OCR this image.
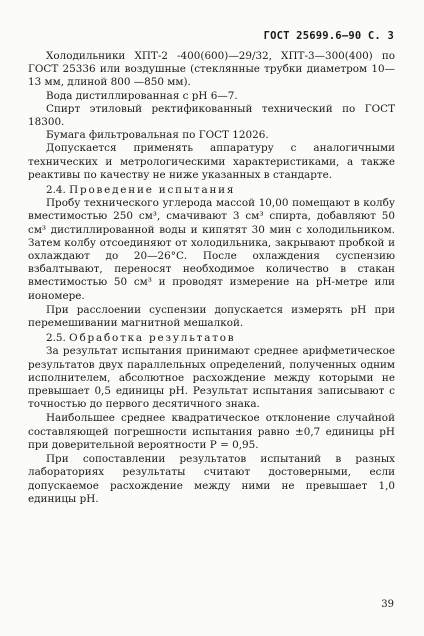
ГОСТ 25699.6—90 С. 3

Холодильники ХПТ-2 -400(600)—29/32, ХПТ-3—300(400) по ГОСТ 25336 или воздушные (стеклянные трубки диаметром 10—13 мм, длиной 800 —850 мм).

Вода дистиллированная с рН 6—7.

Спирт этиловый ректификованный технический по ГОСТ 18300.

Бумага фильтровальная по ГОСТ 12026.

Допускается применять аппаратуру с аналогичными технических и метрологическими характеристиками, а также реактивы по качеству не ниже указанных в стандарте.

2.4. Проведение испытания

Пробу технического углерода массой 10,00 помещают в колбу вместимостью 250 см³, смачивают 3 см³ спирта, добавляют 50 см³ дистиллированной воды и кипятят 30 мин с холодильником. Затем колбу отсоединяют от холодильника, закрывают пробкой и охлаждают до 20—26°С. После охлаждения суспензию взбалтывают, переносят необходимое количество в стакан вместимостью 50 см³ и проводят измерение на рН-метре или иономере.

При расслоении суспензии допускается измерять рН при перемешивании магнитной мешалкой.

2.5. Обработка результатов

За результат испытания принимают среднее арифметическое результатов двух параллельных определений, полученных одним исполнителем, абсолютное расхождение между которыми не превышает 0,5 единицы рН. Результат испытания записывают с точностью до первого десятичного знака.

Наибольшее среднее квадратическое отклонение случайной составляющей погрешности испытания равно ±0,7 единицы рН при доверительной вероятности Р = 0,95.

При сопоставлении результатов испытаний в разных лабораториях результаты считают достоверными, если допускаемое расхождение между ними не превышает 1,0 единицы рН.

39
